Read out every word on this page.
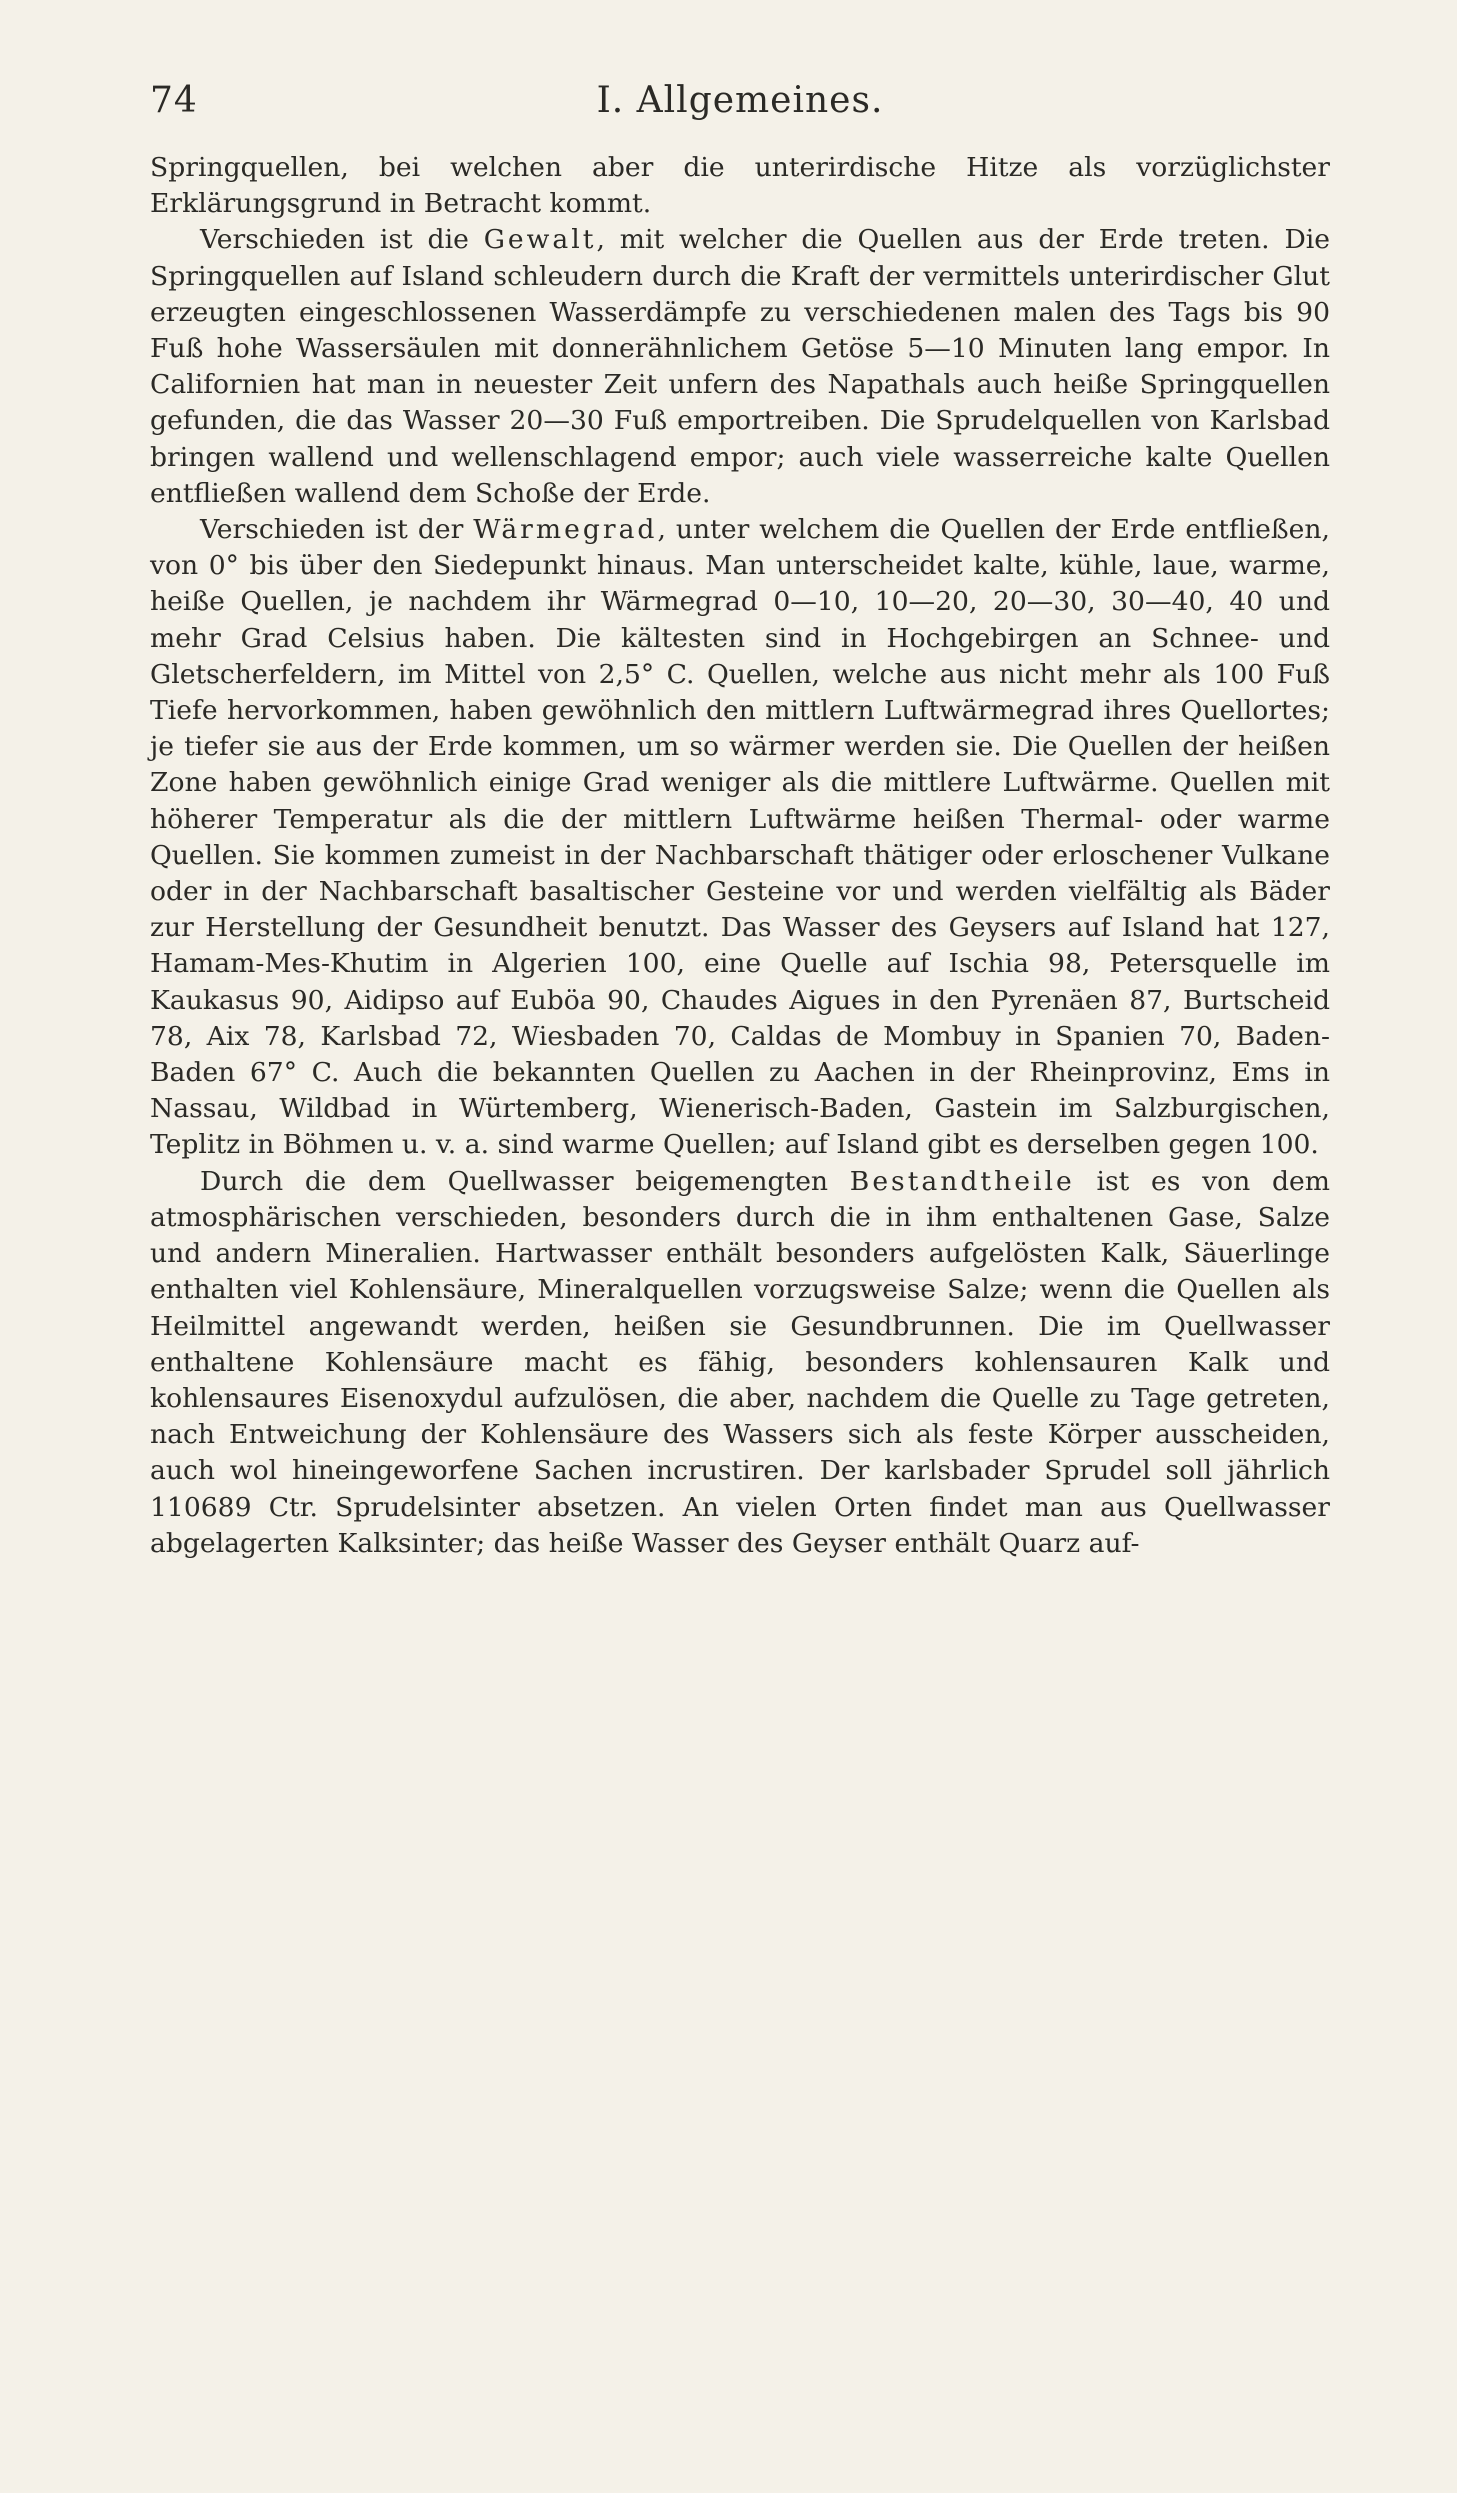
74	I. Allgemeines.

Springquellen, bei welchen aber die unterirdische Hitze als vorzüglichster Erklärungsgrund in Betracht kommt.

Verschieden ist die Gewalt, mit welcher die Quellen aus der Erde treten. Die Springquellen auf Island schleudern durch die Kraft der vermittels unterirdischer Glut erzeugten eingeschlossenen Wasserdämpfe zu verschiedenen malen des Tags bis 90 Fuß hohe Wassersäulen mit donnerähnlichem Getöse 5—10 Minuten lang empor. In Californien hat man in neuester Zeit unfern des Napathals auch heiße Springquellen gefunden, die das Wasser 20—30 Fuß emportreiben. Die Sprudelquellen von Karlsbad bringen wallend und wellenschlagend empor; auch viele wasserreiche kalte Quellen entfließen wallend dem Schoße der Erde.

Verschieden ist der Wärmegrad, unter welchem die Quellen der Erde entfließen, von 0° bis über den Siedepunkt hinaus. Man unterscheidet kalte, kühle, laue, warme, heiße Quellen, je nachdem ihr Wärmegrad 0—10, 10—20, 20—30, 30—40, 40 und mehr Grad Celsius haben. Die kältesten sind in Hochgebirgen an Schnee- und Gletscherfeldern, im Mittel von 2,5° C. Quellen, welche aus nicht mehr als 100 Fuß Tiefe hervorkommen, haben gewöhnlich den mittlern Luftwärmegrad ihres Quellortes; je tiefer sie aus der Erde kommen, um so wärmer werden sie. Die Quellen der heißen Zone haben gewöhnlich einige Grad weniger als die mittlere Luftwärme. Quellen mit höherer Temperatur als die der mittlern Luftwärme heißen Thermal- oder warme Quellen. Sie kommen zumeist in der Nachbarschaft thätiger oder erloschener Vulkane oder in der Nachbarschaft basaltischer Gesteine vor und werden vielfältig als Bäder zur Herstellung der Gesundheit benutzt. Das Wasser des Geysers auf Island hat 127, Hamam-Mes-Khutim in Algerien 100, eine Quelle auf Ischia 98, Petersquelle im Kaukasus 90, Aidipso auf Euböa 90, Chaudes Aigues in den Pyrenäen 87, Burtscheid 78, Aix 78, Karlsbad 72, Wiesbaden 70, Caldas de Mombuy in Spanien 70, Baden-Baden 67° C. Auch die bekannten Quellen zu Aachen in der Rheinprovinz, Ems in Nassau, Wildbad in Würtemberg, Wienerisch-Baden, Gastein im Salzburgischen, Teplitz in Böhmen u. v. a. sind warme Quellen; auf Island gibt es derselben gegen 100.

Durch die dem Quellwasser beigemengten Bestandtheile ist es von dem atmosphärischen verschieden, besonders durch die in ihm enthaltenen Gase, Salze und andern Mineralien. Hartwasser enthält besonders aufgelösten Kalk, Säuerlinge enthalten viel Kohlensäure, Mineralquellen vorzugsweise Salze; wenn die Quellen als Heilmittel angewandt werden, heißen sie Gesundbrunnen. Die im Quellwasser enthaltene Kohlensäure macht es fähig, besonders kohlensauren Kalk und kohlensaures Eisenoxydul aufzulösen, die aber, nachdem die Quelle zu Tage getreten, nach Entweichung der Kohlensäure des Wassers sich als feste Körper ausscheiden, auch wol hineingeworfene Sachen incrustiren. Der karlsbader Sprudel soll jährlich 110689 Ctr. Sprudelsinter absetzen. An vielen Orten findet man aus Quellwasser abgelagerten Kalksinter; das heiße Wasser des Geyser enthält Quarz auf-
